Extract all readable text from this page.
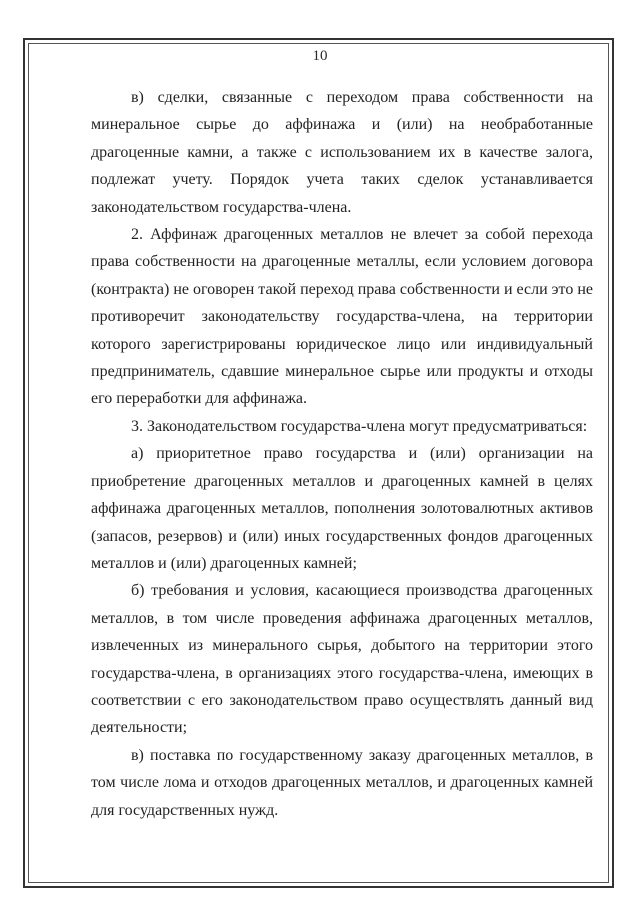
10

в) сделки, связанные с переходом права собственности на минеральное сырье до аффинажа и (или) на необработанные драгоценные камни, а также с использованием их в качестве залога, подлежат учету. Порядок учета таких сделок устанавливается законодательством государства-члена.

2. Аффинаж драгоценных металлов не влечет за собой перехода права собственности на драгоценные металлы, если условием договора (контракта) не оговорен такой переход права собственности и если это не противоречит законодательству государства-члена, на территории которого зарегистрированы юридическое лицо или индивидуальный предприниматель, сдавшие минеральное сырье или продукты и отходы его переработки для аффинажа.

3. Законодательством государства-члена могут предусматриваться:

а) приоритетное право государства и (или) организации на приобретение драгоценных металлов и драгоценных камней в целях аффинажа драгоценных металлов, пополнения золотовалютных активов (запасов, резервов) и (или) иных государственных фондов драгоценных металлов и (или) драгоценных камней;

б) требования и условия, касающиеся производства драгоценных металлов, в том числе проведения аффинажа драгоценных металлов, извлеченных из минерального сырья, добытого на территории этого государства-члена, в организациях этого государства-члена, имеющих в соответствии с его законодательством право осуществлять данный вид деятельности;

в) поставка по государственному заказу драгоценных металлов, в том числе лома и отходов драгоценных металлов, и драгоценных камней для государственных нужд.
